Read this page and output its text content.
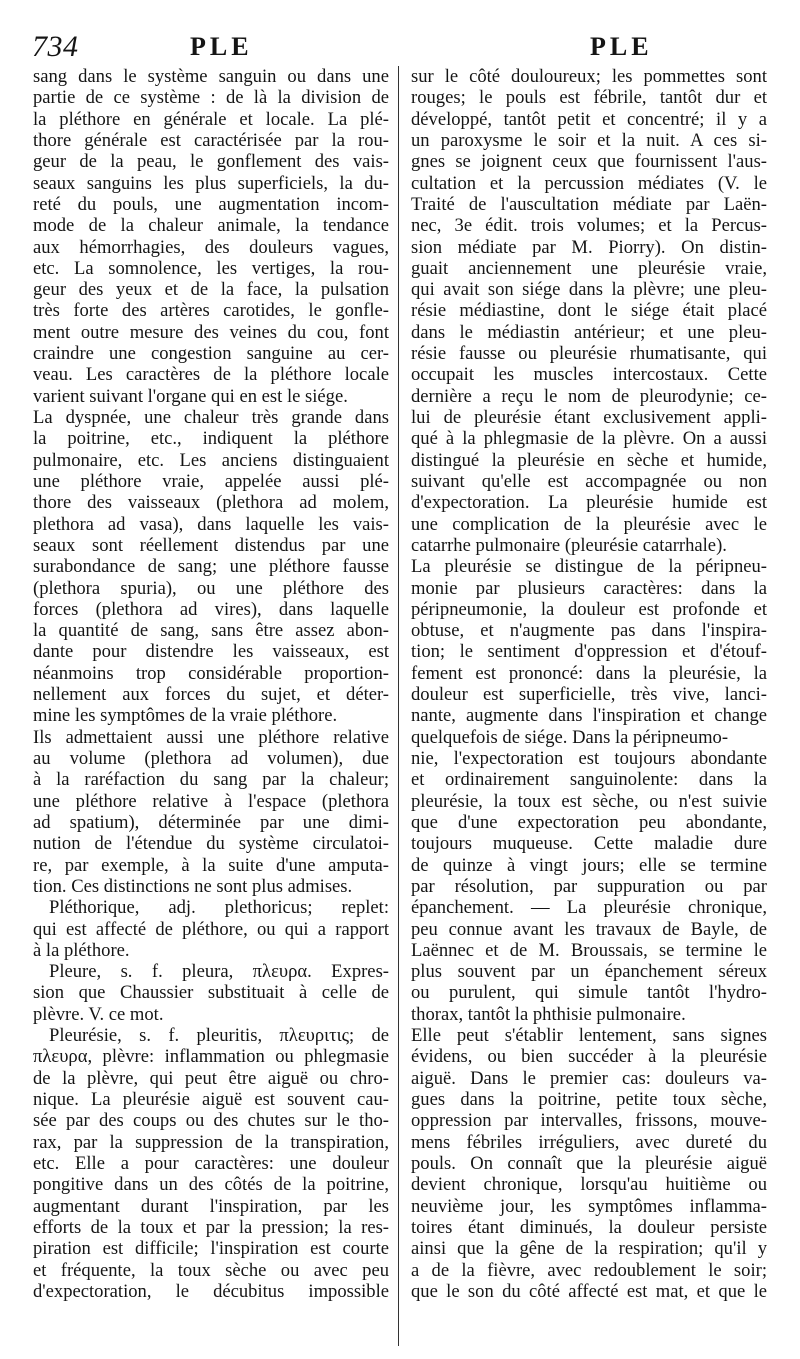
734	PLE	PLE
sang dans le système sanguin ou dans une
partie de ce système : de là la division de
la pléthore en générale et locale. La plé-
thore générale est caractérisée par la rou-
geur de la peau, le gonflement des vais-
seaux sanguins les plus superficiels, la du-
reté du pouls, une augmentation incom-
mode de la chaleur animale, la tendance
aux hémorrhagies, des douleurs vagues,
etc. La somnolence, les vertiges, la rou-
geur des yeux et de la face, la pulsation
très forte des artères carotides, le gonfle-
ment outre mesure des veines du cou, font
craindre une congestion sanguine au cer-
veau. Les caractères de la pléthore locale
varient suivant l'organe qui en est le siége.
La dyspnée, une chaleur très grande dans
la poitrine, etc., indiquent la pléthore
pulmonaire, etc. Les anciens distinguaient
une pléthore vraie, appelée aussi plé-
thore des vaisseaux (plethora ad molem,
plethora ad vasa), dans laquelle les vais-
seaux sont réellement distendus par une
surabondance de sang; une pléthore fausse
(plethora spuria), ou une pléthore des
forces (plethora ad vires), dans laquelle
la quantité de sang, sans être assez abon-
dante pour distendre les vaisseaux, est
néanmoins trop considérable proportion-
nellement aux forces du sujet, et déter-
mine les symptômes de la vraie pléthore.
Ils admettaient aussi une pléthore relative
au volume (plethora ad volumen), due
à la raréfaction du sang par la chaleur;
une pléthore relative à l'espace (plethora
ad spatium), déterminée par une dimi-
nution de l'étendue du système circulatoi-
re, par exemple, à la suite d'une amputa-
tion. Ces distinctions ne sont plus admises.
Pléthorique, adj. plethoricus; replet:
qui est affecté de pléthore, ou qui a rapport
à la pléthore.
Pleure, s. f. pleura, πλευρα. Expres-
sion que Chaussier substituait à celle de
plèvre. V. ce mot.
Pleurésie, s. f. pleuritis, πλευριτις; de
πλευρα, plèvre: inflammation ou phlegmasie
de la plèvre, qui peut être aiguë ou chro-
nique. La pleurésie aiguë est souvent cau-
sée par des coups ou des chutes sur le tho-
rax, par la suppression de la transpiration,
etc. Elle a pour caractères: une douleur
pongitive dans un des côtés de la poitrine,
augmentant durant l'inspiration, par les
efforts de la toux et par la pression; la res-
piration est difficile; l'inspiration est courte
et fréquente, la toux sèche ou avec peu
d'expectoration, le décubitus impossible
sur le côté douloureux; les pommettes sont
rouges; le pouls est fébrile, tantôt dur et
développé, tantôt petit et concentré; il y a
un paroxysme le soir et la nuit. A ces si-
gnes se joignent ceux que fournissent l'aus-
cultation et la percussion médiates (V. le
Traité de l'auscultation médiate par Laën-
nec, 3e édit. trois volumes; et la Percus-
sion médiate par M. Piorry). On distin-
guait anciennement une pleurésie vraie,
qui avait son siége dans la plèvre; une pleu-
résie médiastine, dont le siége était placé
dans le médiastin antérieur; et une pleu-
résie fausse ou pleurésie rhumatisante, qui
occupait les muscles intercostaux. Cette
dernière a reçu le nom de pleurodynie; ce-
lui de pleurésie étant exclusivement appli-
qué à la phlegmasie de la plèvre. On a aussi
distingué la pleurésie en sèche et humide,
suivant qu'elle est accompagnée ou non
d'expectoration. La pleurésie humide est
une complication de la pleurésie avec le
catarrhe pulmonaire (pleurésie catarrhale).
La pleurésie se distingue de la péripneu-
monie par plusieurs caractères: dans la
péripneumonie, la douleur est profonde et
obtuse, et n'augmente pas dans l'inspira-
tion; le sentiment d'oppression et d'étouf-
fement est prononcé: dans la pleurésie, la
douleur est superficielle, très vive, lanci-
nante, augmente dans l'inspiration et change
quelquefois de siége. Dans la péripneumo-
nie, l'expectoration est toujours abondante
et ordinairement sanguinolente: dans la
pleurésie, la toux est sèche, ou n'est suivie
que d'une expectoration peu abondante,
toujours muqueuse. Cette maladie dure
de quinze à vingt jours; elle se termine
par résolution, par suppuration ou par
épanchement. — La pleurésie chronique,
peu connue avant les travaux de Bayle, de
Laënnec et de M. Broussais, se termine le
plus souvent par un épanchement séreux
ou purulent, qui simule tantôt l'hydro-
thorax, tantôt la phthisie pulmonaire.
Elle peut s'établir lentement, sans signes
évidens, ou bien succéder à la pleurésie
aiguë. Dans le premier cas: douleurs va-
gues dans la poitrine, petite toux sèche,
oppression par intervalles, frissons, mouve-
mens fébriles irréguliers, avec dureté du
pouls. On connaît que la pleurésie aiguë
devient chronique, lorsqu'au huitième ou
neuvième jour, les symptômes inflamma-
toires étant diminués, la douleur persiste
ainsi que la gêne de la respiration; qu'il y
a de la fièvre, avec redoublement le soir;
que le son du côté affecté est mat, et que le
